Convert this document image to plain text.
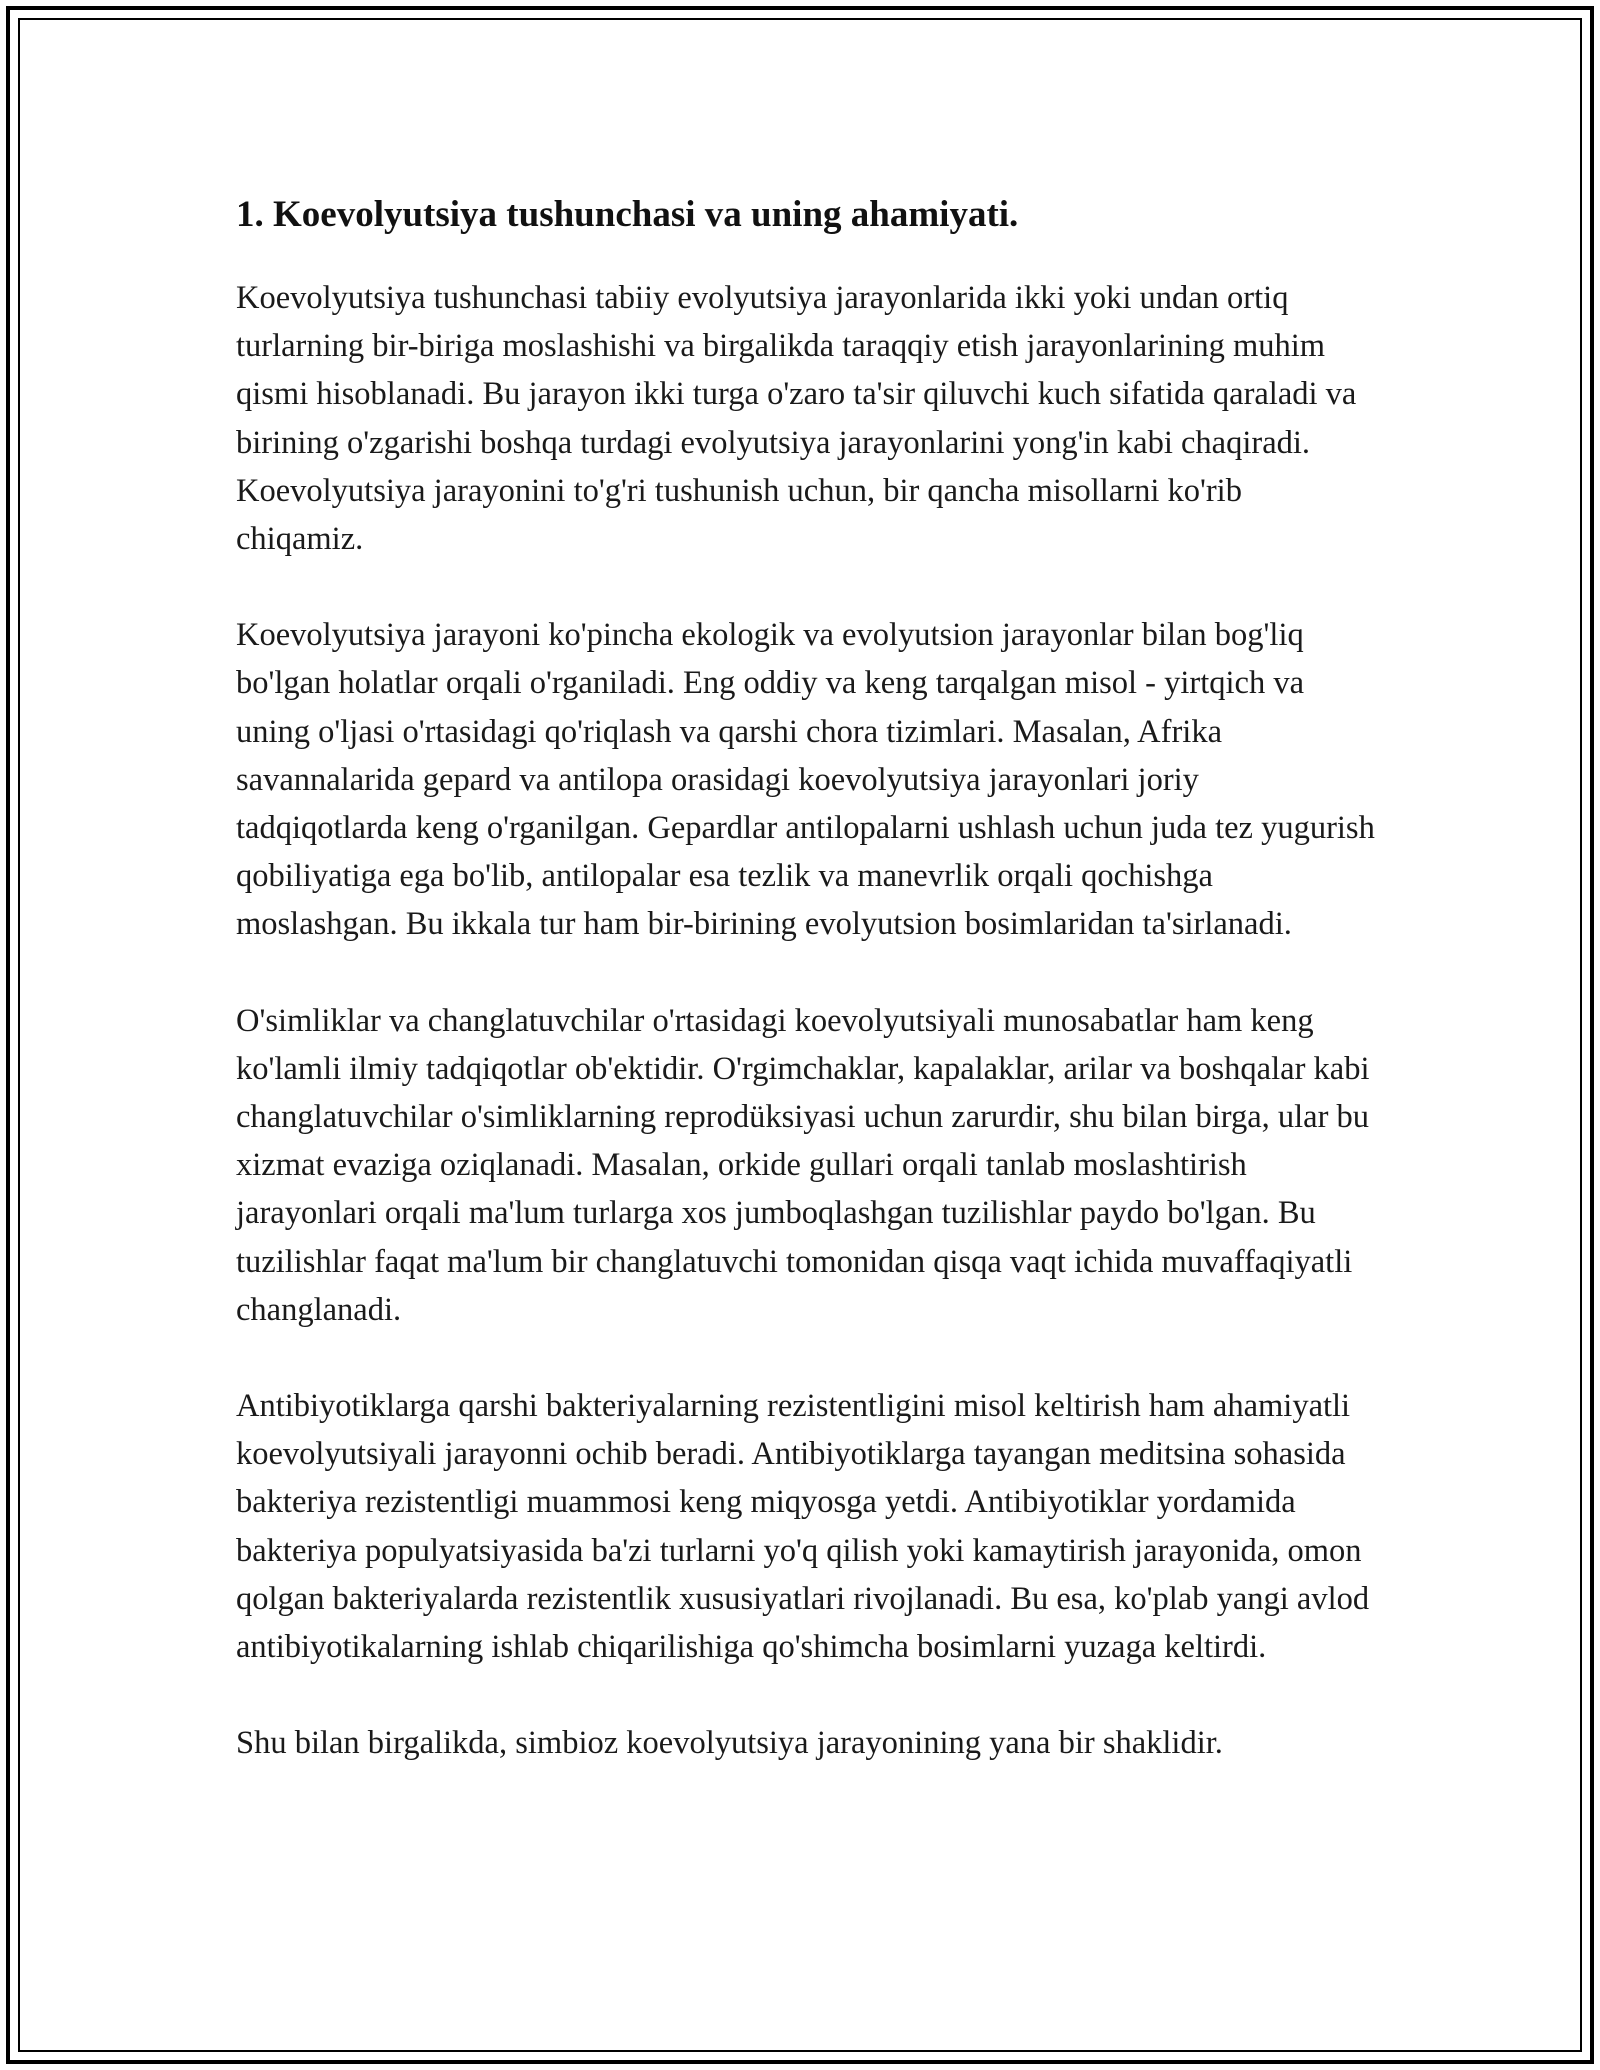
1. Koevolyutsiya tushunchasi va uning ahamiyati.

Koevolyutsiya tushunchasi tabiiy evolyutsiya jarayonlarida ikki yoki undan ortiq turlarning bir-biriga moslashishi va birgalikda taraqqiy etish jarayonlarining muhim qismi hisoblanadi. Bu jarayon ikki turga o'zaro ta'sir qiluvchi kuch sifatida qaraladi va birining o'zgarishi boshqa turdagi evolyutsiya jarayonlarini yong'in kabi chaqiradi. Koevolyutsiya jarayonini to'g'ri tushunish uchun, bir qancha misollarni ko'rib chiqamiz.

Koevolyutsiya jarayoni ko'pincha ekologik va evolyutsion jarayonlar bilan bog'liq bo'lgan holatlar orqali o'rganiladi. Eng oddiy va keng tarqalgan misol - yirtqich va uning o'ljasi o'rtasidagi qo'riqlash va qarshi chora tizimlari. Masalan, Afrika savannalarida gepard va antilopa orasidagi koevolyutsiya jarayonlari joriy tadqiqotlarda keng o'rganilgan. Gepardlar antilopalarni ushlash uchun juda tez yugurish qobiliyatiga ega bo'lib, antilopalar esa tezlik va manevrlik orqali qochishga moslashgan. Bu ikkala tur ham bir-birining evolyutsion bosimlaridan ta'sirlanadi.

O'simliklar va changlatuvchilar o'rtasidagi koevolyutsiyali munosabatlar ham keng ko'lamli ilmiy tadqiqotlar ob'ektidir. O'rgimchaklar, kapalaklar, arilar va boshqalar kabi changlatuvchilar o'simliklarning reprodüksiyasi uchun zarurdir, shu bilan birga, ular bu xizmat evaziga oziqlanadi. Masalan, orkide gullari orqali tanlab moslashtirish jarayonlari orqali ma'lum turlarga xos jumboqlashgan tuzilishlar paydo bo'lgan. Bu tuzilishlar faqat ma'lum bir changlatuvchi tomonidan qisqa vaqt ichida muvaffaqiyatli changlanadi.

Antibiyotiklarga qarshi bakteriyalarning rezistentligini misol keltirish ham ahamiyatli koevolyutsiyali jarayonni ochib beradi. Antibiyotiklarga tayangan meditsina sohasida bakteriya rezistentligi muammosi keng miqyosga yetdi. Antibiyotiklar yordamida bakteriya populyatsiyasida ba'zi turlarni yo'q qilish yoki kamaytirish jarayonida, omon qolgan bakteriyalarda rezistentlik xususiyatlari rivojlanadi. Bu esa, ko'plab yangi avlod antibiyotikalarning ishlab chiqarilishiga qo'shimcha bosimlarni yuzaga keltirdi.

Shu bilan birgalikda, simbioz koevolyutsiya jarayonining yana bir shaklidir.
